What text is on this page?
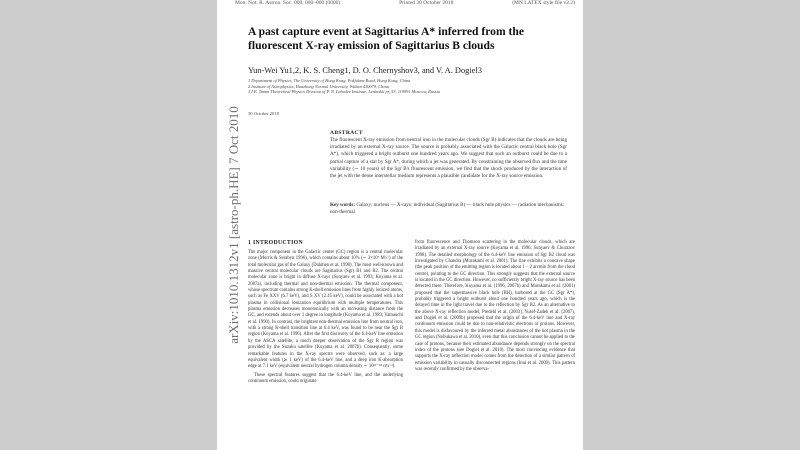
Mon. Not. R. Astron. Soc. 000, 000–000 (0000)	Printed 30 October 2018	(MN LATEX style file v2.2)
arXiv:1010.1312v1 [astro-ph.HE] 7 Oct 2010
A past capture event at Sagittarius A* inferred from the fluorescent X-ray emission of Sagittarius B clouds
Yun-Wei Yu1,2, K. S. Cheng1, D. O. Chernyshov3, and V. A. Dogiel3
1 Department of Physics, The University of Hong Kong, Pokfulam Road, Hong Kong, China
2 Institute of Astrophysics, Huazhong Normal University, Wuhan 430079, China
3 I.E. Tamm Theoretical Physics Division of P. N. Lebedev Institute, Leninskii pr, 53, 119991 Moscow, Russia
30 October 2018
ABSTRACT
The fluorescent X-ray emission from neutral iron in the molecular clouds (Sgr B) indicates that the clouds are being irradiated by an external X-ray source. The source is probably associated with the Galactic central black hole (Sgr A*), which triggered a bright outburst one hundred years ago. We suggest that such an outburst could be due to a partial capture of a star by Sgr A*, during which a jet was generated. By constraining the observed flux and the time variability (∼ 10 years) of the Sgr B's fluorescent emission, we find that the shock produced by the interaction of the jet with the dense interstellar medium represents a plausible candidate for the X-ray source emission.
Key words: Galaxy: nucleus — X-rays: individual (Sagittarius B) — black hole physics — radiation mechanisms: non-thermal
1 INTRODUCTION

The major component in the Galactic center (GC) region is a central molecular zone (Morris & Serabyn 1996), which contains about 10% (∼ 3×10⁷ M☉) of the total molecular gas of the Galaxy (Dahmen et al. 1998). The most well-known and massive central molecular clouds are Sagittarius (Sgr) B1 and B2. The central molecular zone is bright in diffuse X-rays (Sunyaev et al. 1993; Koyama et al. 2007a), including thermal and non-thermal emission. The thermal component, whose spectrum contains strong K-shell emission lines from highly ionized atoms, such as Fe XXV (6.7 keV), and S XV (2.45 keV), could be associated with a hot plasma in collisional ionization equilibrium with multiple temperatures. This plasma emission decreases monotonically with an increasing distance from the GC, and extends about over 1 degree in longitude (Koyama et al. 1989; Yamauchi et al. 1990). In contrast, the brightest non-thermal emission line from neutral iron, with a strong K-shell transition line at 6.4 keV, was found to be near the Sgr B region (Koyama et al. 1996). After the first discovery of the 6.4-keV line emission by the ASCA satellite, a much deeper observation of the Sgr B region was provided by the Suzaku satellite (Koyama et al. 2007b). Consequently, some remarkable features in the X-ray spectra were observed, such as: a large equivalent width (≳ 1 keV) of the 6.4-keV line, and a deep iron K-absorption edge at 7.1 keV (equivalent neutral hydrogen column density ∼ 10²³⁻²⁴ cm⁻²).

These spectral features suggest that the 6.4-keV line, and the underlying continuum emission, could originate

from fluorescence and Thomson scattering in the molecular clouds, which are irradiated by an external X-ray source (Koyama et al. 1996; Sunyaev & Churazov 1998). The detailed morphology of the 6.4-keV line emission of Sgr B2 cloud was investigated by Chandra (Murakami et al. 2001). The line exhibits a concave shape (the peak position of the emitting region is located about 1 − 2 arcmin from the cloud centre), pointing to the GC direction. This strongly suggests that the external source is located in the GC direction. However, no sufficiently bright X-ray source has been detected there. Therefore, Koyama et al. (1996, 2007b) and Murakami et al. (2001) proposed that the supermassive black hole (BH), harbored at the GC (Sgr A*), probably triggered a bright outburst about one hundred years ago, which is the delayed time in the light travel due to the reflection by Sgr B2. As an alternative to the above X-ray reflection model, Predehl et al. (2003), Yusef-Zadeh et al. (2007), and Dogiel et al. (2009b) proposed that the origin of the 6.4-keV line and X-ray continuum emission could be due to non-relativistic electrons or protons. However, this model is disfavoured by the inferred metal abundances of the hot plasma in the GC region (Nobukawa et al. 2010), even that this conclusion cannot be applied to the case of protons, because their estimated abundance depends strongly on the spectral index of the protons (see Dogiel et al. 2010). The most convincing evidence that supports the X-ray reflection model comes from the detection of a similar pattern of emission variability in causally disconnected regions (Inui et al. 2009). This pattern was recently confirmed by the observa-
